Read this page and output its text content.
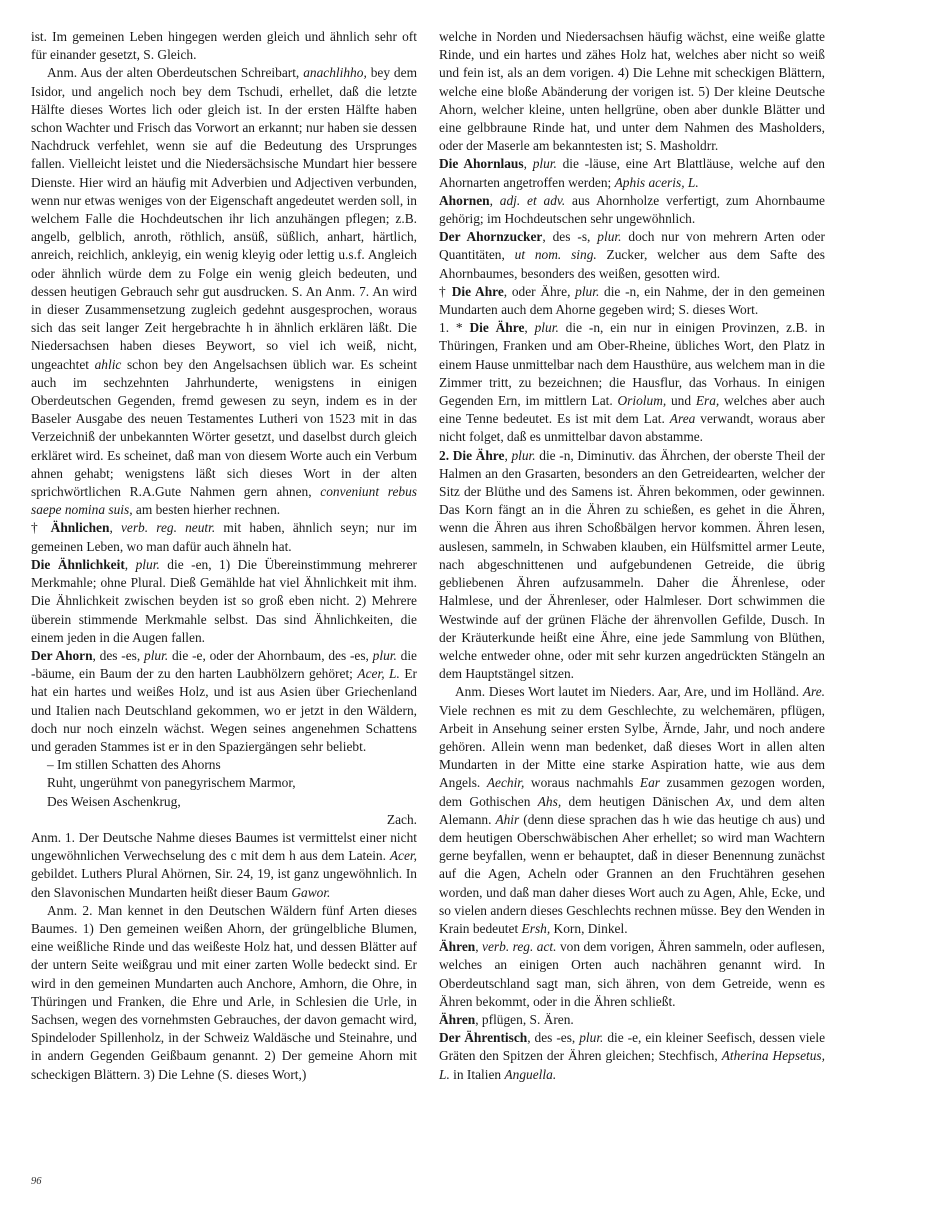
ist. Im gemeinen Leben hingegen werden gleich und ähnlich sehr oft für einander gesetzt, S. Gleich.

Anm. Aus der alten Oberdeutschen Schreibart, anachlihho, bey dem Isidor, und angelich noch bey dem Tschudi, erhellet, daß die letzte Hälfte dieses Wortes lich oder gleich ist. In der ersten Hälfte haben schon Wachter und Frisch das Vorwort an erkannt; nur haben sie dessen Nachdruck verfehlet, wenn sie auf die Bedeutung des Ursprunges fallen. Vielleicht leistet und die Niedersächsische Mundart hier bessere Dienste. Hier wird an häufig mit Adverbien und Adjectiven verbunden, wenn nur etwas weniges von der Eigenschaft angedeutet werden soll, in welchem Falle die Hochdeutschen ihr lich anzuhängen pflegen; z.B. angelb, gelblich, anroth, röthlich, ansüß, süßlich, anhart, härtlich, anreich, reichlich, ankleyig, ein wenig kleyig oder lettig u.s.f. Angleich oder ähnlich würde dem zu Folge ein wenig gleich bedeuten, und dessen heutigen Gebrauch sehr gut ausdrucken. S. An Anm. 7. An wird in dieser Zusammensetzung zugleich gedehnt ausgesprochen, woraus sich das seit langer Zeit hergebrachte h in ähnlich erklären läßt. Die Niedersachsen haben dieses Beywort, so viel ich weiß, nicht, ungeachtet ahlic schon bey den Angelsachsen üblich war. Es scheint auch im sechzehnten Jahrhunderte, wenigstens in einigen Oberdeutschen Gegenden, fremd gewesen zu seyn, indem es in der Baseler Ausgabe des neuen Testamentes Lutheri von 1523 mit in das Verzeichniß der unbekannten Wörter gesetzt, und daselbst durch gleich erkläret wird. Es scheinet, daß man von diesem Worte auch ein Verbum ahnen gehabt; wenigstens läßt sich dieses Wort in der alten sprichwörtlichen R.A.Gute Nahmen gern ahnen, conveniunt rebus saepe nomina suis, am besten hierher rechnen.

† Ähnlichen, verb. reg. neutr. mit haben, ähnlich seyn; nur im gemeinen Leben, wo man dafür auch ähneln hat.

Die Ähnlichkeit, plur. die -en, 1) Die Übereinstimmung mehrerer Merkmahle; ohne Plural. Dieß Gemählde hat viel Ähnlichkeit mit ihm. Die Ähnlichkeit zwischen beyden ist so groß eben nicht. 2) Mehrere überein stimmende Merkmahle selbst. Das sind Ähnlichkeiten, die einem jeden in die Augen fallen.

Der Ahorn, des -es, plur. die -e, oder der Ahornbaum, des -es, plur. die -bäume, ein Baum der zu den harten Laubhölzern gehöret; Acer, L. Er hat ein hartes und weißes Holz, und ist aus Asien über Griechenland und Italien nach Deutschland gekommen, wo er jetzt in den Wäldern, doch nur noch einzeln wächst. Wegen seines angenehmen Schattens und geraden Stammes ist er in den Spaziergängen sehr beliebt.

– Im stillen Schatten des Ahorns

Ruht, ungerühmt von panegyrischem Marmor,

Des Weisen Aschenkrug,

Zach.

Anm. 1. Der Deutsche Nahme dieses Baumes ist vermittelst einer nicht ungewöhnlichen Verwechselung des c mit dem h aus dem Latein. Acer, gebildet. Luthers Plural Ahörnen, Sir. 24, 19, ist ganz ungewöhnlich. In den Slavonischen Mundarten heißt dieser Baum Gawor.

Anm. 2. Man kennet in den Deutschen Wäldern fünf Arten dieses Baumes. 1) Den gemeinen weißen Ahorn, der grüngelbliche Blumen, eine weißliche Rinde und das weißeste Holz hat, und dessen Blätter auf der untern Seite weißgrau und mit einer zarten Wolle bedeckt sind. Er wird in den gemeinen Mundarten auch Anchore, Amhorn, die Ohre, in Thüringen und Franken, die Ehre und Arle, in Schlesien die Urle, in Sachsen, wegen des vornehmsten Gebrauches, der davon gemacht wird, Spindeloder Spillenholz, in der Schweiz Waldäsche und Steinahre, und in andern Gegenden Geißbaum genannt. 2) Der gemeine Ahorn mit scheckigen Blättern. 3) Die Lehne (S. dieses Wort,)

welche in Norden und Niedersachsen häufig wächst, eine weiße glatte Rinde, und ein hartes und zähes Holz hat, welches aber nicht so weiß und fein ist, als an dem vorigen. 4) Die Lehne mit scheckigen Blättern, welche eine bloße Abänderung der vorigen ist. 5) Der kleine Deutsche Ahorn, welcher kleine, unten hellgrüne, oben aber dunkle Blätter und eine gelbbraune Rinde hat, und unter dem Nahmen des Masholders, oder der Maserle am bekanntesten ist; S. Masholdrr.

Die Ahornlaus, plur. die -läuse, eine Art Blattläuse, welche auf den Ahornarten angetroffen werden; Aphis aceris, L.

Ahornen, adj. et adv. aus Ahornholze verfertigt, zum Ahornbaume gehörig; im Hochdeutschen sehr ungewöhnlich.

Der Ahornzucker, des -s, plur. doch nur von mehrern Arten oder Quantitäten, ut nom. sing. Zucker, welcher aus dem Safte des Ahornbaumes, besonders des weißen, gesotten wird.

† Die Ahre, oder Ähre, plur. die -n, ein Nahme, der in den gemeinen Mundarten auch dem Ahorne gegeben wird; S. dieses Wort.

1. * Die Ähre, plur. die -n, ein nur in einigen Provinzen, z.B. in Thüringen, Franken und am Ober-Rheine, übliches Wort, den Platz in einem Hause unmittelbar nach dem Hausthüre, aus welchem man in die Zimmer tritt, zu bezeichnen; die Hausflur, das Vorhaus. In einigen Gegenden Ern, im mittlern Lat. Oriolum, und Era, welches aber auch eine Tenne bedeutet. Es ist mit dem Lat. Area verwandt, woraus aber nicht folget, daß es unmittelbar davon abstamme.

2. Die Ähre, plur. die -n, Diminutiv. das Ährchen, der oberste Theil der Halmen an den Grasarten, besonders an den Getreidearten, welcher der Sitz der Blüthe und des Samens ist. Ähren bekommen, oder gewinnen. Das Korn fängt an in die Ähren zu schießen, es gehet in die Ähren, wenn die Ähren aus ihren Schoßbälgen hervor kommen. Ähren lesen, auslesen, sammeln, in Schwaben klauben, ein Hülfsmittel armer Leute, nach abgeschnittenen und aufgebundenen Getreide, die übrig gebliebenen Ähren aufzusammeln. Daher die Ährenlese, oder Halmlese, und der Ährenleser, oder Halmleser. Dort schwimmen die Westwinde auf der grünen Fläche der ährenvollen Gefilde, Dusch. In der Kräuterkunde heißt eine Ähre, eine jede Sammlung von Blüthen, welche entweder ohne, oder mit sehr kurzen angedrückten Stängeln an dem Hauptstängel sitzen.

Anm. Dieses Wort lautet im Nieders. Aar, Are, und im Holländ. Are. Viele rechnen es mit zu dem Geschlechte, zu welchemären, pflügen, Arbeit in Ansehung seiner ersten Sylbe, Ärnde, Jahr, und noch andere gehören. Allein wenn man bedenket, daß dieses Wort in allen alten Mundarten in der Mitte eine starke Aspiration hatte, wie aus dem Angels. Aechir, woraus nachmahls Ear zusammen gezogen worden, dem Gothischen Ahs, dem heutigen Dänischen Ax, und dem alten Alemann. Ahir (denn diese sprachen das h wie das heutige ch aus) und dem heutigen Oberschwäbischen Aher erhellet; so wird man Wachtern gerne beyfallen, wenn er behauptet, daß in dieser Benennung zunächst auf die Agen, Acheln oder Grannen an den Fruchtähren gesehen worden, und daß man daher dieses Wort auch zu Agen, Ahle, Ecke, und so vielen andern dieses Geschlechts rechnen müsse. Bey den Wenden in Krain bedeutet Ersh, Korn, Dinkel.

Ähren, verb. reg. act. von dem vorigen, Ähren sammeln, oder auflesen, welches an einigen Orten auch nachähren genannt wird. In Oberdeutschland sagt man, sich ähren, von dem Getreide, wenn es Ähren bekommt, oder in die Ähren schließt.

Ähren, pflügen, S. Ären.

Der Ährentisch, des -es, plur. die -e, ein kleiner Seefisch, dessen viele Gräten den Spitzen der Ähren gleichen; Stechfisch, Atherina Hepsetus, L. in Italien Anguella.

96
